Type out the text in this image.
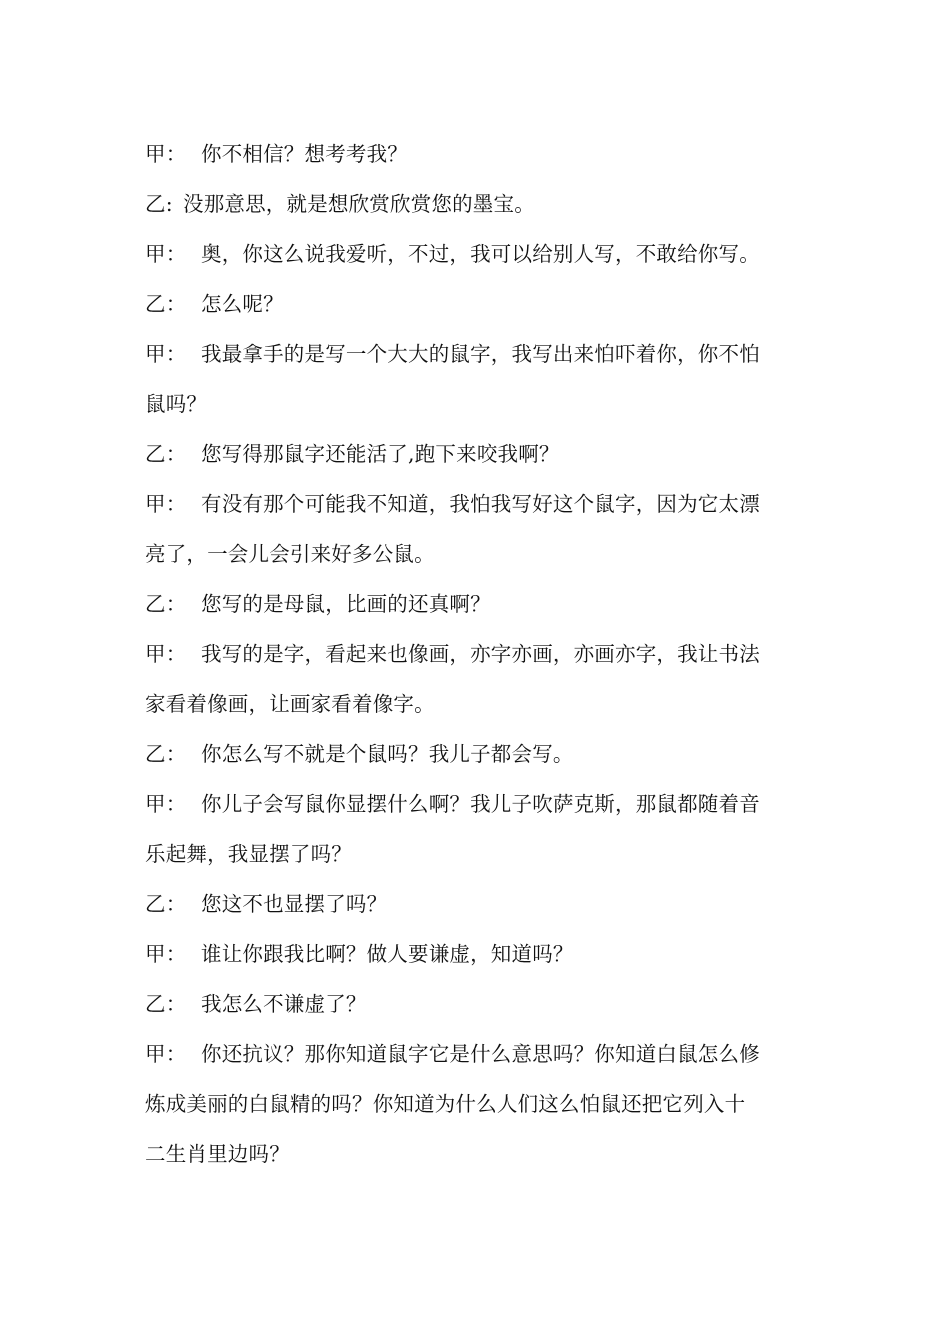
甲： 你不相信？想考考我？
乙: 没那意思，就是想欣赏欣赏您的墨宝。
甲： 奥，你这么说我爱听，不过，我可以给别人写，不敢给你写。
乙： 怎么呢？
甲： 我最拿手的是写一个大大的鼠字，我写出来怕吓着你，你不怕
鼠吗？
乙： 您写得那鼠字还能活了,跑下来咬我啊？
甲： 有没有那个可能我不知道，我怕我写好这个鼠字，因为它太漂
亮了，一会儿会引来好多公鼠。
乙： 您写的是母鼠，比画的还真啊？
甲： 我写的是字，看起来也像画，亦字亦画，亦画亦字，我让书法
家看着像画，让画家看着像字。
乙： 你怎么写不就是个鼠吗？我儿子都会写。
甲： 你儿子会写鼠你显摆什么啊？我儿子吹萨克斯，那鼠都随着音
乐起舞，我显摆了吗？
乙： 您这不也显摆了吗？
甲： 谁让你跟我比啊？做人要谦虚，知道吗？
乙： 我怎么不谦虚了？
甲： 你还抗议？那你知道鼠字它是什么意思吗？你知道白鼠怎么修
炼成美丽的白鼠精的吗？你知道为什么人们这么怕鼠还把它列入十
二生肖里边吗？
